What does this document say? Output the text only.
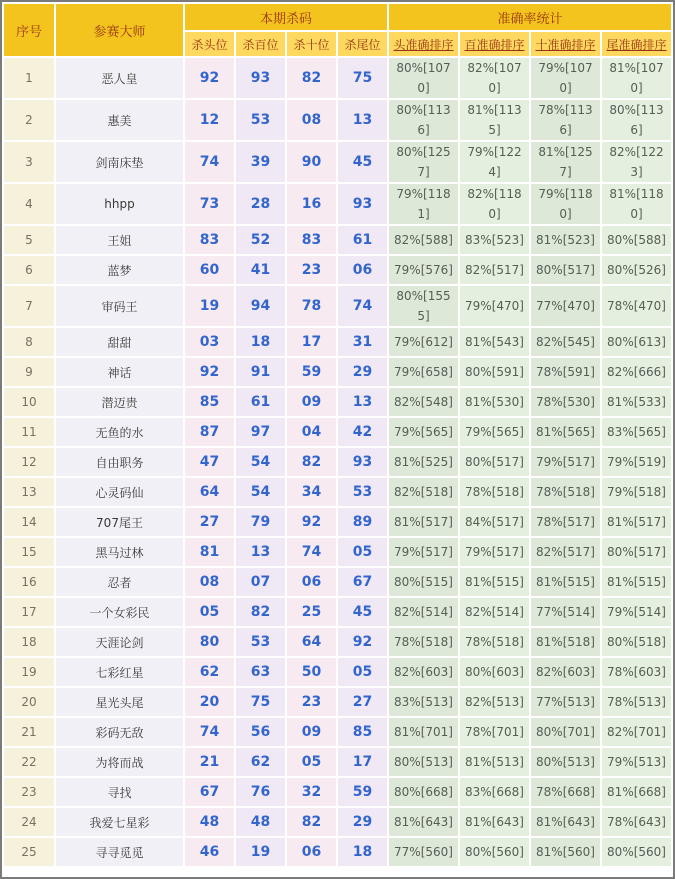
序号	参赛大师	本期杀码				准确率统计			
		杀头位	杀百位	杀十位	杀尾位	头准确排序	百准确排序	十准确排序	尾准确排序
1	恶人皇	92	93	82	75	80%[1070]	82%[1070]	79%[1070]	81%[1070]
2	惠美	12	53	08	13	80%[1136]	81%[1135]	78%[1136]	80%[1136]
3	剑南床垫	74	39	90	45	80%[1257]	79%[1224]	81%[1257]	82%[1223]
4	hhpp	73	28	16	93	79%[1181]	82%[1180]	79%[1180]	81%[1180]
5	王姐	83	52	83	61	82%[588]	83%[523]	81%[523]	80%[588]
6	蓝梦	60	41	23	06	79%[576]	82%[517]	80%[517]	80%[526]
7	审码王	19	94	78	74	80%[1555]	79%[470]	77%[470]	78%[470]
8	甜甜	03	18	17	31	79%[612]	81%[543]	82%[545]	80%[613]
9	神话	92	91	59	29	79%[658]	80%[591]	78%[591]	82%[666]
10	潜迈贵	85	61	09	13	82%[548]	81%[530]	78%[530]	81%[533]
11	无鱼的水	87	97	04	42	79%[565]	79%[565]	81%[565]	83%[565]
12	自由职务	47	54	82	93	81%[525]	80%[517]	79%[517]	79%[519]
13	心灵码仙	64	54	34	53	82%[518]	78%[518]	78%[518]	79%[518]
14	707尾王	27	79	92	89	81%[517]	84%[517]	78%[517]	81%[517]
15	黑马过林	81	13	74	05	79%[517]	79%[517]	82%[517]	80%[517]
16	忍者	08	07	06	67	80%[515]	81%[515]	81%[515]	81%[515]
17	一个女彩民	05	82	25	45	82%[514]	82%[514]	77%[514]	79%[514]
18	天涯论剑	80	53	64	92	78%[518]	78%[518]	81%[518]	80%[518]
19	七彩红星	62	63	50	05	82%[603]	80%[603]	82%[603]	78%[603]
20	星光头尾	20	75	23	27	83%[513]	82%[513]	77%[513]	78%[513]
21	彩码无敌	74	56	09	85	81%[701]	78%[701]	80%[701]	82%[701]
22	为将而战	21	62	05	17	80%[513]	81%[513]	80%[513]	79%[513]
23	寻找	67	76	32	59	80%[668]	83%[668]	78%[668]	81%[668]
24	我爱七星彩	48	48	82	29	81%[643]	81%[643]	81%[643]	78%[643]
25	寻寻觅觅	46	19	06	18	77%[560]	80%[560]	81%[560]	80%[560]
